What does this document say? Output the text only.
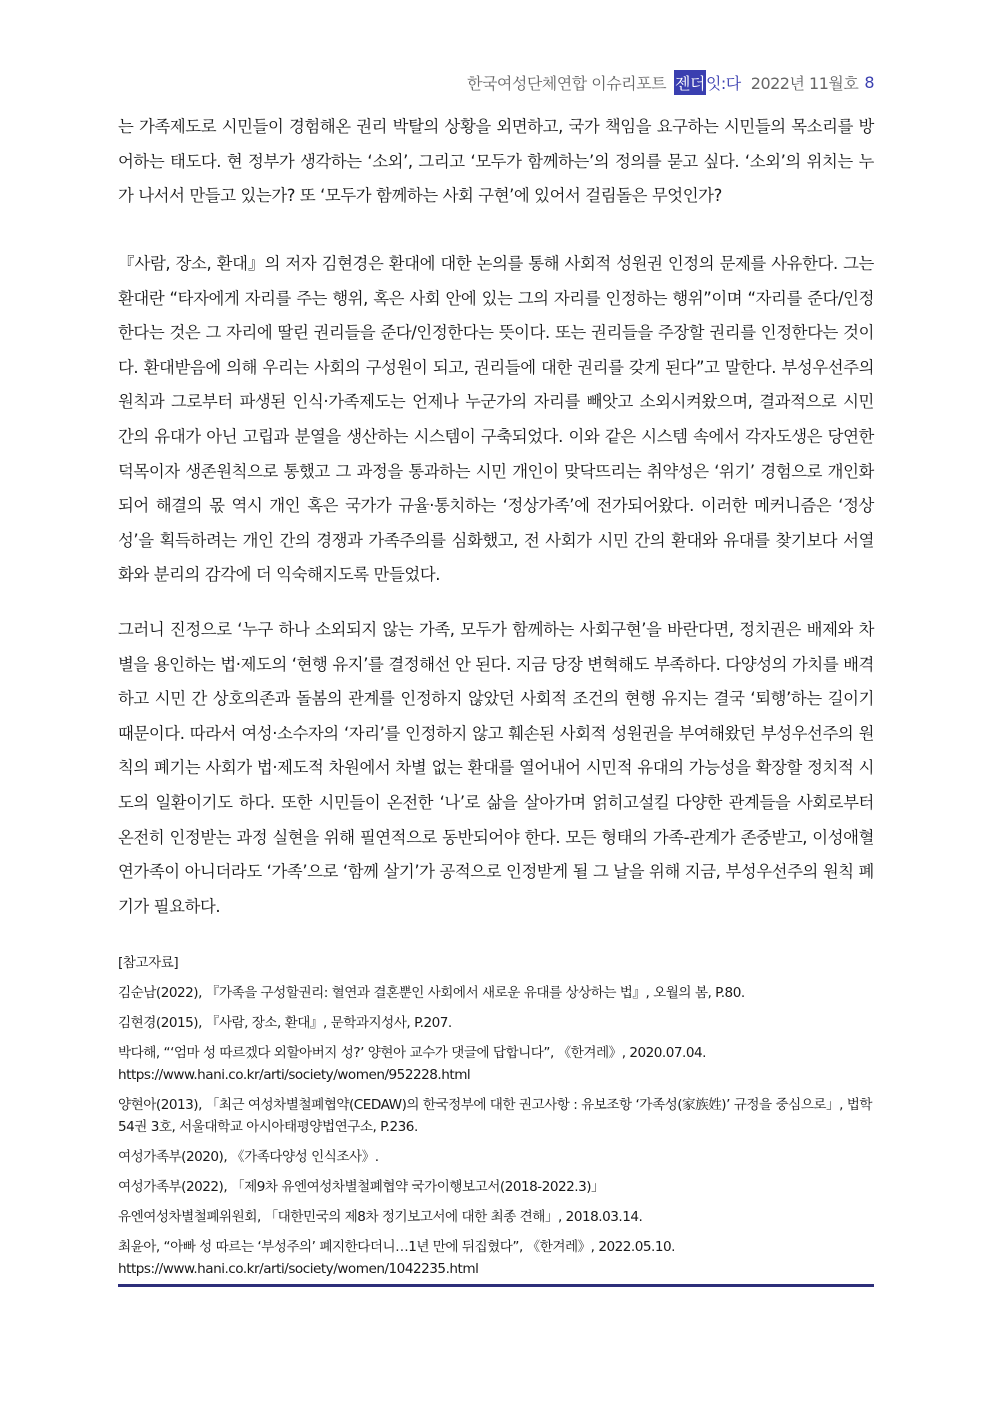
한국여성단체연합 이슈리포트 젠더 잇:다 2022년 11월호 8
는 가족제도로 시민들이 경험해온 권리 박탈의 상황을 외면하고, 국가 책임을 요구하는 시민들의 목소리를 방어하는 태도다. 현 정부가 생각하는 ‘소외’, 그리고 ‘모두가 함께하는’의 정의를 묻고 싶다. ‘소외’의 위치는 누가 나서서 만들고 있는가? 또 ‘모두가 함께하는 사회 구현’에 있어서 걸림돌은 무엇인가?
『사람, 장소, 환대』의 저자 김현경은 환대에 대한 논의를 통해 사회적 성원권 인정의 문제를 사유한다. 그는 환대란 “타자에게 자리를 주는 행위, 혹은 사회 안에 있는 그의 자리를 인정하는 행위”이며 “자리를 준다/인정한다는 것은 그 자리에 딸린 권리들을 준다/인정한다는 뜻이다. 또는 권리들을 주장할 권리를 인정한다는 것이다. 환대받음에 의해 우리는 사회의 구성원이 되고, 권리들에 대한 권리를 갖게 된다”고 말한다. 부성우선주의 원칙과 그로부터 파생된 인식·가족제도는 언제나 누군가의 자리를 빼앗고 소외시켜왔으며, 결과적으로 시민 간의 유대가 아닌 고립과 분열을 생산하는 시스템이 구축되었다. 이와 같은 시스템 속에서 각자도생은 당연한 덕목이자 생존원칙으로 통했고 그 과정을 통과하는 시민 개인이 맞닥뜨리는 취약성은 ‘위기’ 경험으로 개인화되어 해결의 몫 역시 개인 혹은 국가가 규율·통치하는 ‘정상가족’에 전가되어왔다. 이러한 메커니즘은 ‘정상성’을 획득하려는 개인 간의 경쟁과 가족주의를 심화했고, 전 사회가 시민 간의 환대와 유대를 찾기보다 서열화와 분리의 감각에 더 익숙해지도록 만들었다.
그러니 진정으로 ‘누구 하나 소외되지 않는 가족, 모두가 함께하는 사회구현’을 바란다면, 정치권은 배제와 차별을 용인하는 법·제도의 ‘현행 유지’를 결정해선 안 된다. 지금 당장 변혁해도 부족하다. 다양성의 가치를 배격하고 시민 간 상호의존과 돌봄의 관계를 인정하지 않았던 사회적 조건의 현행 유지는 결국 ‘퇴행’하는 길이기 때문이다. 따라서 여성·소수자의 ‘자리’를 인정하지 않고 훼손된 사회적 성원권을 부여해왔던 부성우선주의 원칙의 폐기는 사회가 법·제도적 차원에서 차별 없는 환대를 열어내어 시민적 유대의 가능성을 확장할 정치적 시도의 일환이기도 하다. 또한 시민들이 온전한 ‘나’로 삶을 살아가며 얽히고설킬 다양한 관계들을 사회로부터 온전히 인정받는 과정 실현을 위해 필연적으로 동반되어야 한다. 모든 형태의 가족-관계가 존중받고, 이성애혈연가족이 아니더라도 ‘가족’으로 ‘함께 살기’가 공적으로 인정받게 될 그 날을 위해 지금, 부성우선주의 원칙 폐기가 필요하다.
[참고자료]
김순남(2022), 『가족을 구성할권리: 혈연과 결혼뿐인 사회에서 새로운 유대를 상상하는 법』, 오월의 봄, P.80.
김현경(2015), 『사람, 장소, 환대』, 문학과지성사, P.207.
박다해, “‘엄마 성 따르겠다 외할아버지 성?’ 양현아 교수가 댓글에 답합니다”, 《한겨레》, 2020.07.04.
https://www.hani.co.kr/arti/society/women/952228.html
양현아(2013), 「최근 여성차별철폐협약(CEDAW)의 한국정부에 대한 권고사항 : 유보조항 ‘가족성(家族姓)’ 규정을 중심으로」, 법학 54권 3호, 서울대학교 아시아태평양법연구소, P.236.
여성가족부(2020), 《가족다양성 인식조사》.
여성가족부(2022), 「제9차 유엔여성차별철폐협약 국가이행보고서(2018-2022.3)」
유엔여성차별철폐위원회, 「대한민국의 제8차 정기보고서에 대한 최종 견해」, 2018.03.14.
최윤아, “아빠 성 따르는 ‘부성주의’ 폐지한다더니…1년 만에 뒤집혔다”, 《한겨레》, 2022.05.10.
https://www.hani.co.kr/arti/society/women/1042235.html
